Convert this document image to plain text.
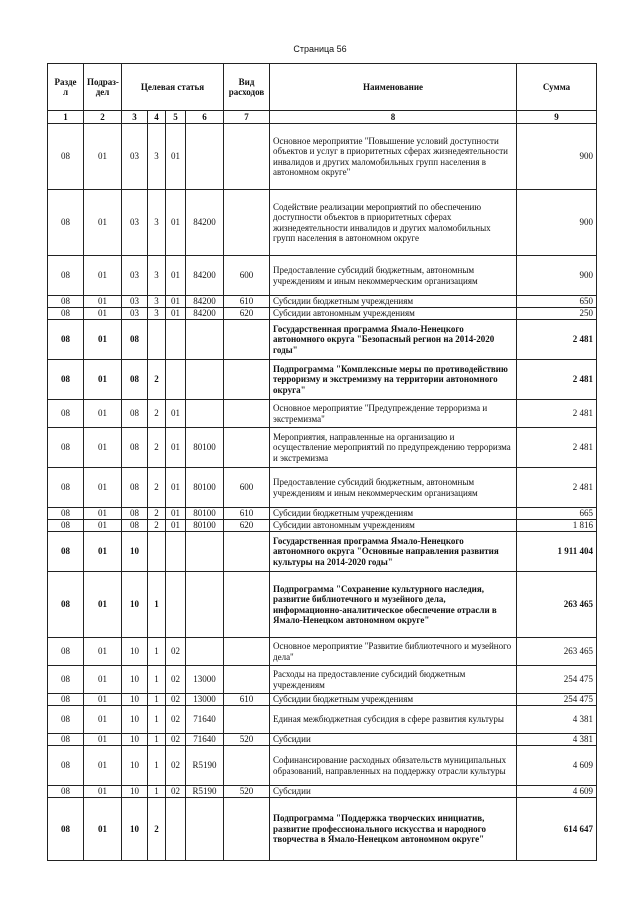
Страница 56
Разде л	Подраз- дел	Целевая статья				Вид расходов	Наименование	Сумма
1	2	3	4	5	6	7	8	9
08	01	03	3	01			Основное мероприятие "Повышение условий доступности объектов и услуг в приоритетных сферах жизнедеятельности инвалидов и других маломобильных групп населения в автономном округе"	900
08	01	03	3	01	84200		Содействие реализации мероприятий по обеспечению доступности объектов в приоритетных сферах жизнедеятельности инвалидов и других маломобильных групп населения в автономном округе	900
08	01	03	3	01	84200	600	Предоставление субсидий бюджетным, автономным учреждениям и иным некоммерческим организациям	900
08	01	03	3	01	84200	610	Субсидии бюджетным учреждениям	650
08	01	03	3	01	84200	620	Субсидии автономным учреждениям	250
08	01	08					Государственная программа Ямало-Ненецкого автономного округа "Безопасный регион на 2014-2020 годы"	2 481
08	01	08	2				Подпрограмма "Комплексные меры по противодействию терроризму и экстремизму на территории автономного округа"	2 481
08	01	08	2	01			Основное мероприятие "Предупреждение терроризма и экстремизма"	2 481
08	01	08	2	01	80100		Мероприятия, направленные на организацию и осуществление мероприятий по предупреждению терроризма и экстремизма	2 481
08	01	08	2	01	80100	600	Предоставление субсидий бюджетным, автономным учреждениям и иным некоммерческим организациям	2 481
08	01	08	2	01	80100	610	Субсидии бюджетным учреждениям	665
08	01	08	2	01	80100	620	Субсидии автономным учреждениям	1 816
08	01	10					Государственная программа Ямало-Ненецкого автономного округа "Основные направления развития культуры на 2014-2020 годы"	1 911 404
08	01	10	1				Подпрограмма "Сохранение культурного наследия, развитие библиотечного и музейного дела, информационно-аналитическое обеспечение отрасли в Ямало-Ненецком автономном округе"	263 465
08	01	10	1	02			Основное мероприятие "Развитие библиотечного и музейного дела"	263 465
08	01	10	1	02	13000		Расходы на предоставление субсидий бюджетным учреждениям	254 475
08	01	10	1	02	13000	610	Субсидии бюджетным учреждениям	254 475
08	01	10	1	02	71640		Единая межбюджетная субсидия в сфере развития культуры	4 381
08	01	10	1	02	71640	520	Субсидии	4 381
08	01	10	1	02	R5190		Софинансирование расходных обязательств муниципальных образований, направленных на поддержку отрасли культуры	4 609
08	01	10	1	02	R5190	520	Субсидии	4 609
08	01	10	2				Подпрограмма "Поддержка творческих инициатив, развитие профессионального искусства и народного творчества в Ямало-Ненецком автономном округе"	614 647
